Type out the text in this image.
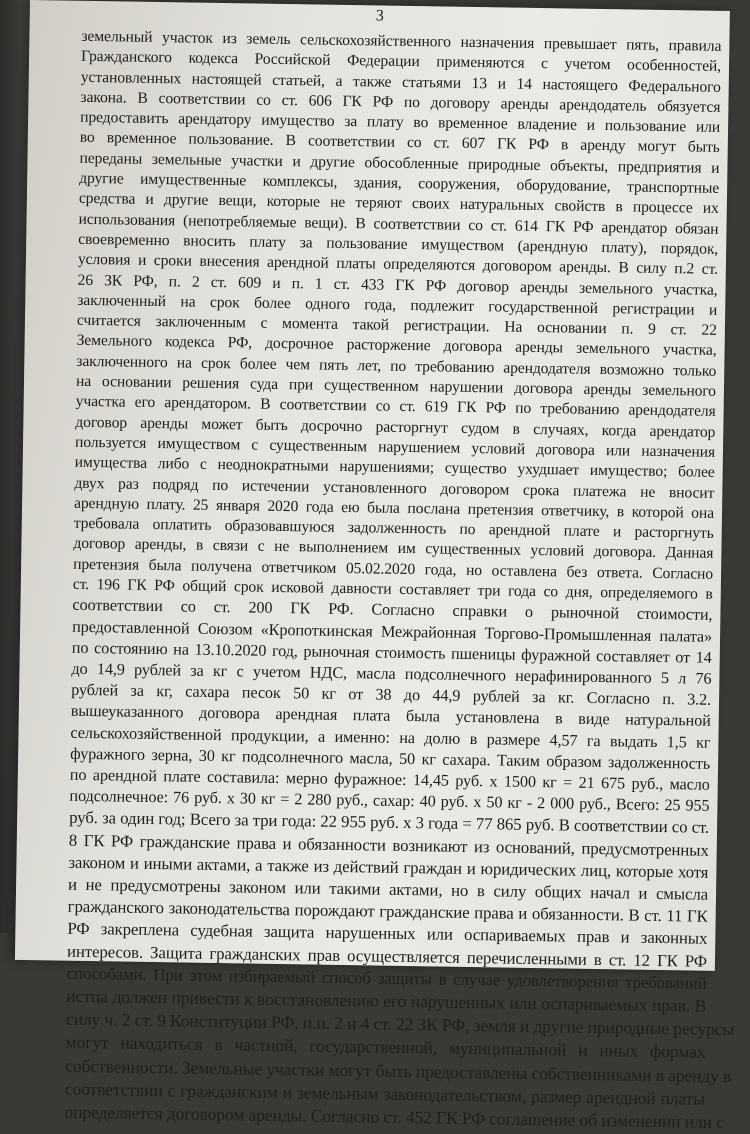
3
земельный участок из земель сельскохозяйственного назначения превышает пять, правила
Гражданского кодекса Российской Федерации применяются с учетом особенностей,
установленных настоящей статьей, а также статьями 13 и 14 настоящего Федерального
закона. В соответствии со ст. 606 ГК РФ по договору аренды арендодатель обязуется
предоставить арендатору имущество за плату во временное владение и пользование или
во временное пользование. В соответствии со ст. 607 ГК РФ в аренду могут быть
переданы земельные участки и другие обособленные природные объекты, предприятия и
другие имущественные комплексы, здания, сооружения, оборудование, транспортные
средства и другие вещи, которые не теряют своих натуральных свойств в процессе их
использования (непотребляемые вещи). В соответствии со ст. 614 ГК РФ арендатор обязан
своевременно вносить плату за пользование имуществом (арендную плату), порядок,
условия и сроки внесения арендной платы определяются договором аренды. В силу п.2 ст.
26 ЗК РФ, п. 2 ст. 609 и п. 1 ст. 433 ГК РФ договор аренды земельного участка,
заключенный на срок более одного года, подлежит государственной регистрации и
считается заключенным с момента такой регистрации. На основании п. 9 ст. 22
Земельного кодекса РФ, досрочное расторжение договора аренды земельного участка,
заключенного на срок более чем пять лет, по требованию арендодателя возможно только
на основании решения суда при существенном нарушении договора аренды земельного
участка его арендатором. В соответствии со ст. 619 ГК РФ по требованию арендодателя
договор аренды может быть досрочно расторгнут судом в случаях, когда арендатор
пользуется имуществом с существенным нарушением условий договора или назначения
имущества либо с неоднократными нарушениями; существо ухудшает имущество; более
двух раз подряд по истечении установленного договором срока платежа не вносит
арендную плату. 25 января 2020 года ею была послана претензия ответчику, в которой она
требовала оплатить образовавшуюся задолженность по арендной плате и расторгнуть
договор аренды, в связи с не выполнением им существенных условий договора. Данная
претензия была получена ответчиком 05.02.2020 года, но оставлена без ответа. Согласно
ст. 196 ГК РФ общий срок исковой давности составляет три года со дня, определяемого в
соответствии со ст. 200 ГК РФ. Согласно справки о рыночной стоимости,
предоставленной Союзом «Кропоткинская Межрайонная Торгово-Промышленная палата»
по состоянию на 13.10.2020 год, рыночная стоимость пшеницы фуражной составляет от 14
до 14,9 рублей за кг с учетом НДС, масла подсолнечного нерафинированного 5 л 76
рублей за кг, сахара песок 50 кг от 38 до 44,9 рублей за кг. Согласно п. 3.2.
вышеуказанного договора арендная плата была установлена в виде натуральной
сельскохозяйственной продукции, а именно: на долю в размере 4,57 га выдать 1,5 кг
фуражного зерна, 30 кг подсолнечного масла, 50 кг сахара. Таким образом задолженность
по арендной плате составила: мерно фуражное: 14,45 руб. х 1500 кг = 21 675 руб., масло
подсолнечное: 76 руб. х 30 кг = 2 280 руб., сахар: 40 руб. х 50 кг - 2 000 руб., Всего: 25 955
руб. за один год; Всего за три года: 22 955 руб. х 3 года = 77 865 руб. В соответствии со ст.
8 ГК РФ гражданские права и обязанности возникают из оснований, предусмотренных
законом и иными актами, а также из действий граждан и юридических лиц, которые хотя
и не предусмотрены законом или такими актами, но в силу общих начал и смысла
гражданского законодательства порождают гражданские права и обязанности. В ст. 11 ГК
РФ закреплена судебная защита нарушенных или оспариваемых прав и законных
интересов. Защита гражданских прав осуществляется перечисленными в ст. 12 ГК РФ
способами. При этом избираемый способ защиты в случае удовлетворения требований
истца должен привести к восстановлению его нарушенных или оспариваемых прав. В
силу ч. 2 ст. 9 Конституции РФ, п.п. 2 и 4 ст. 22 ЗК РФ, земля и другие природные ресурсы
могут находиться в частной, государственной, муниципальной и иных формах
собственности. Земельные участки могут быть предоставлены собственниками в аренду в
соответствии с гражданским и земельным законодательством, размер арендной платы
определяется договором аренды. Согласно ст. 452 ГК РФ соглашение об изменении или с
